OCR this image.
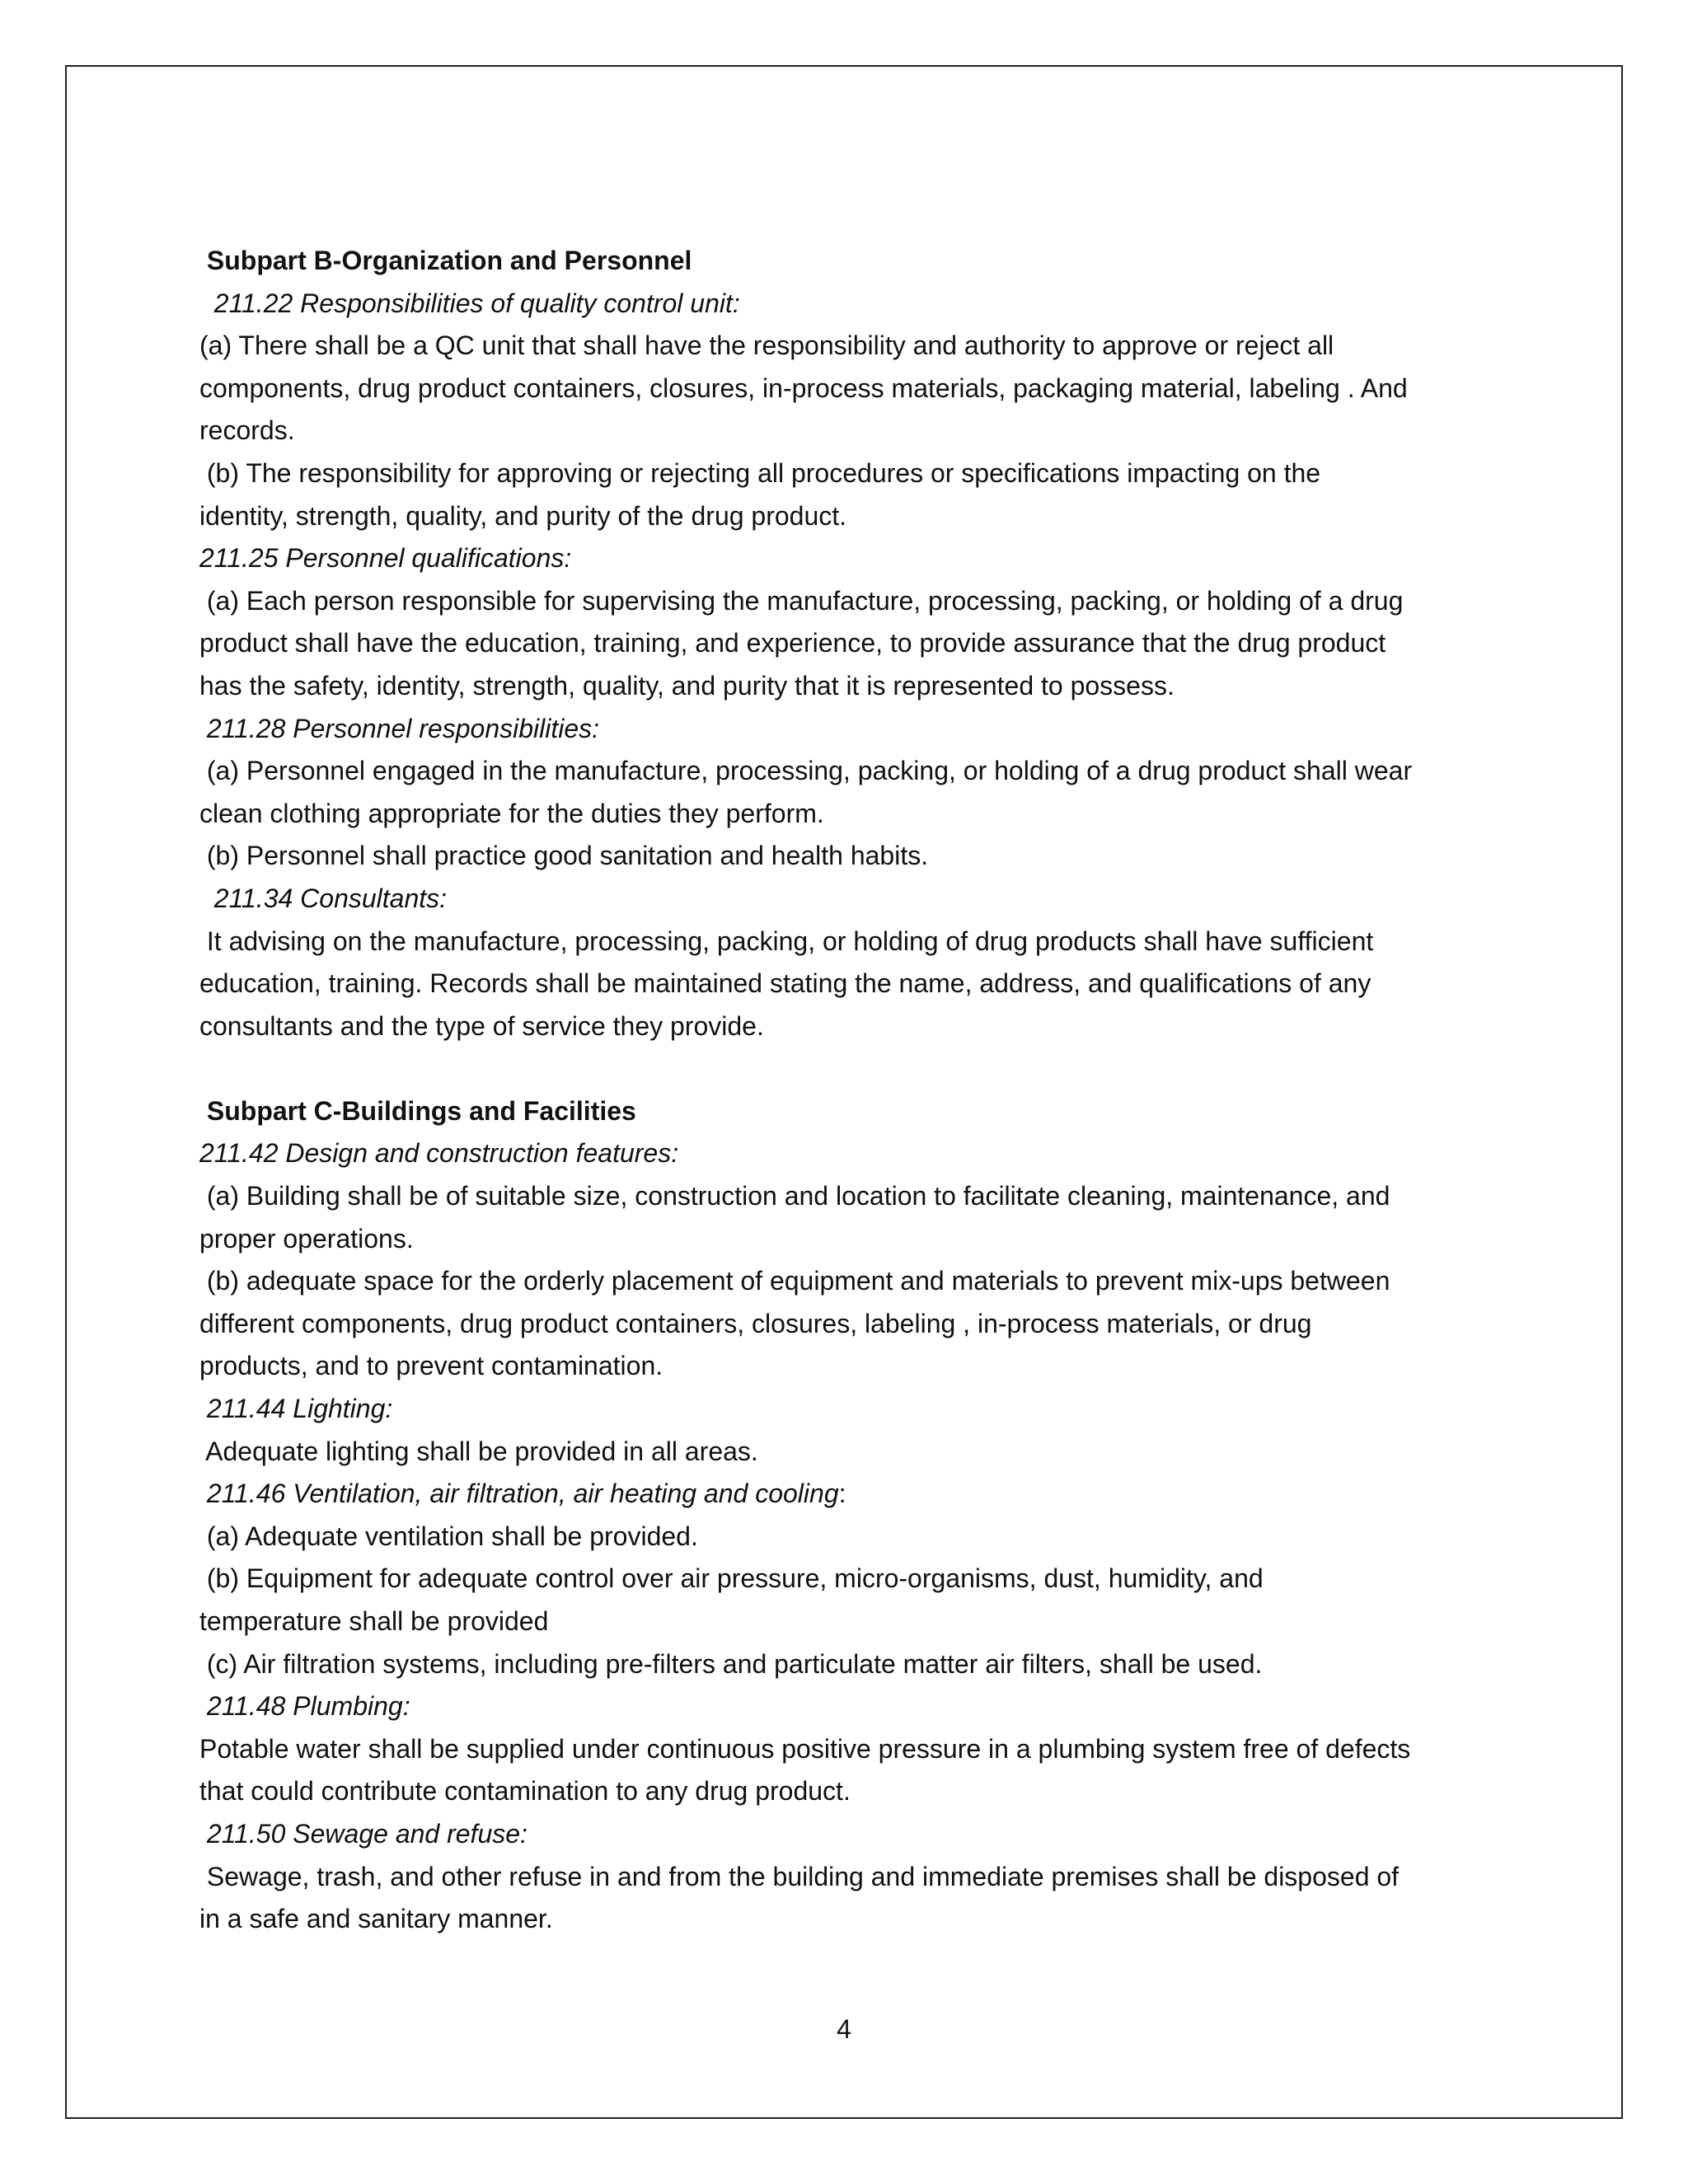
Subpart B-Organization and Personnel
211.22 Responsibilities of quality control unit:
(a) There shall be a QC unit that shall have the responsibility and authority to approve or reject all
components, drug product containers, closures, in-process materials, packaging material, labeling . And
records.
(b) The responsibility for approving or rejecting all procedures or specifications impacting on the
identity, strength, quality, and purity of the drug product.
211.25 Personnel qualifications:
(a) Each person responsible for supervising the manufacture, processing, packing, or holding of a drug
product shall have the education, training, and experience, to provide assurance that the drug product
has the safety, identity, strength, quality, and purity that it is represented to possess.
211.28 Personnel responsibilities:
(a) Personnel engaged in the manufacture, processing, packing, or holding of a drug product shall wear
clean clothing appropriate for the duties they perform.
(b) Personnel shall practice good sanitation and health habits.
211.34 Consultants:
It advising on the manufacture, processing, packing, or holding of drug products shall have sufficient
education, training. Records shall be maintained stating the name, address, and qualifications of any
consultants and the type of service they provide.
Subpart C-Buildings and Facilities
211.42 Design and construction features:
(a) Building shall be of suitable size, construction and location to facilitate cleaning, maintenance, and
proper operations.
(b) adequate space for the orderly placement of equipment and materials to prevent mix-ups between
different components, drug product containers, closures, labeling , in-process materials, or drug
products, and to prevent contamination.
211.44 Lighting:
Adequate lighting shall be provided in all areas.
211.46 Ventilation, air filtration, air heating and cooling:
(a) Adequate ventilation shall be provided.
(b) Equipment for adequate control over air pressure, micro-organisms, dust, humidity, and
temperature shall be provided
(c) Air filtration systems, including pre-filters and particulate matter air filters, shall be used.
211.48 Plumbing:
Potable water shall be supplied under continuous positive pressure in a plumbing system free of defects
that could contribute contamination to any drug product.
211.50 Sewage and refuse:
Sewage, trash, and other refuse in and from the building and immediate premises shall be disposed of
in a safe and sanitary manner.
4
